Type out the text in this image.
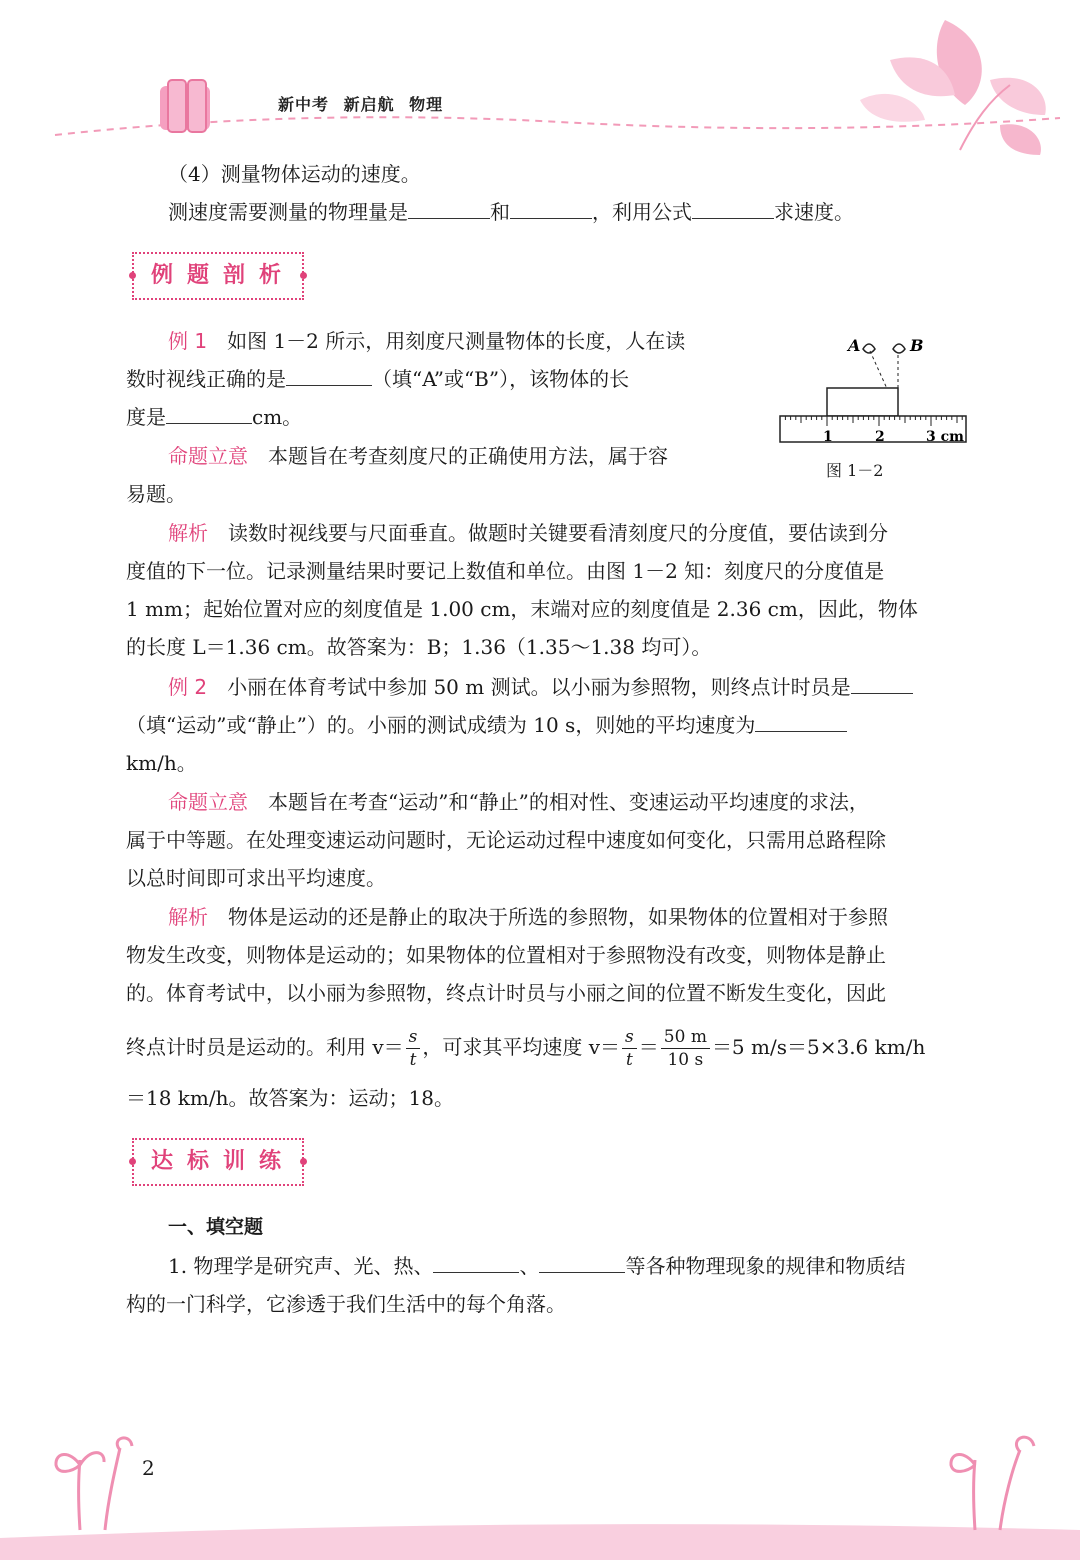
新中考 新启航 物理
（4）测量物体运动的速度。
测速度需要测量的物理量是	和	，利用公式	求速度。
例题剖析
例 1　 如图 1－2 所示，用刻度尺测量物体的长度，人在读
数时视线正确的是	（填“A”或“B”），该物体的长
度是	cm。
命题立意　 本题旨在考查刻度尺的正确使用方法，属于容
易题。
解析　 读数时视线要与尺面垂直。做题时关键要看清刻度尺的分度值，要估读到分
度值的下一位。记录测量结果时要记上数值和单位。由图 1－2 知：刻度尺的分度值是
1 mm；起始位置对应的刻度值是 1.00 cm，末端对应的刻度值是 2.36 cm，因此，物体
的长度 L＝1.36 cm。故答案为：B；1.36（1.35～1.38 均可）。
A	B
1	2	3 cm
图 1－2
例 2　 小丽在体育考试中参加 50 m 测试。以小丽为参照物，则终点计时员是
（填“运动”或“静止”）的。小丽的测试成绩为 10 s，则她的平均速度为
km/h。
命题立意　 本题旨在考查“运动”和“静止”的相对性、变速运动平均速度的求法，
属于中等题。在处理变速运动问题时，无论运动过程中速度如何变化，只需用总路程除
以总时间即可求出平均速度。
解析　 物体是运动的还是静止的取决于所选的参照物，如果物体的位置相对于参照
物发生改变，则物体是运动的；如果物体的位置相对于参照物没有改变，则物体是静止
的。体育考试中，以小丽为参照物，终点计时员与小丽之间的位置不断发生变化，因此
终点计时员是运动的。利用 $v= \frac{s}{t}$ ，可求其平均速度 $v= \frac{s}{t} = \frac{50 m}{10 s} =5$ m/s＝5×3.6 km/h
＝18 km/h。故答案为：运动；18。
达标训练
一、填空题
1. 物理学是研究声、光、热、	、	等各种物理现象的规律和物质结
构的一门科学，它渗透于我们生活中的每个角落。
2
